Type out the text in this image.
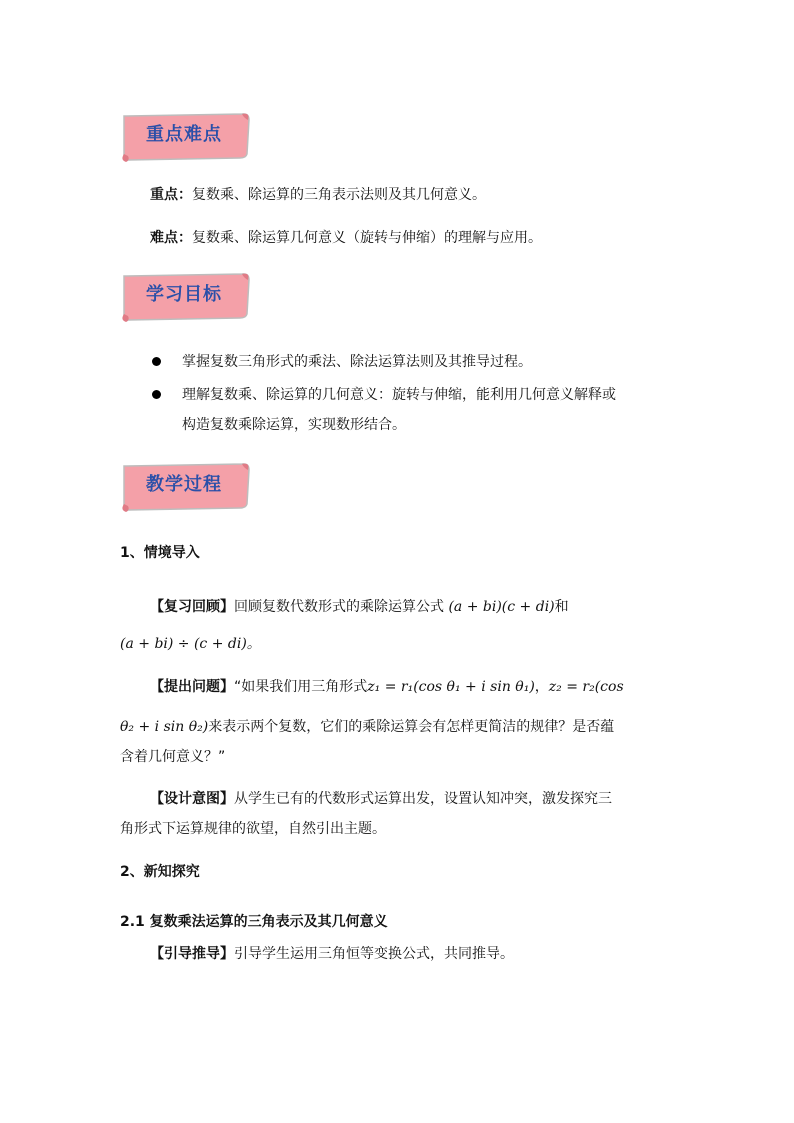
重点难点
重点：复数乘、除运算的三角表示法则及其几何意义。
难点：复数乘、除运算几何意义（旋转与伸缩）的理解与应用。
学习目标
掌握复数三角形式的乘法、除法运算法则及其推导过程。
理解复数乘、除运算的几何意义：旋转与伸缩，能利用几何意义解释或
构造复数乘除运算，实现数形结合。
教学过程
1、情境导入
【复习回顾】回顾复数代数形式的乘除运算公式 (a + bi)(c + di)和
(a + bi) ÷ (c + di)。
【提出问题】“如果我们用三角形式z₁ = r₁(cos θ₁ + i sin θ₁)，z₂ = r₂(cos
θ₂ + i sin θ₂)来表示两个复数，它们的乘除运算会有怎样更简洁的规律？是否蕴
含着几何意义？”
【设计意图】从学生已有的代数形式运算出发，设置认知冲突，激发探究三
角形式下运算规律的欲望，自然引出主题。
2、新知探究
2.1 复数乘法运算的三角表示及其几何意义
【引导推导】引导学生运用三角恒等变换公式，共同推导。
